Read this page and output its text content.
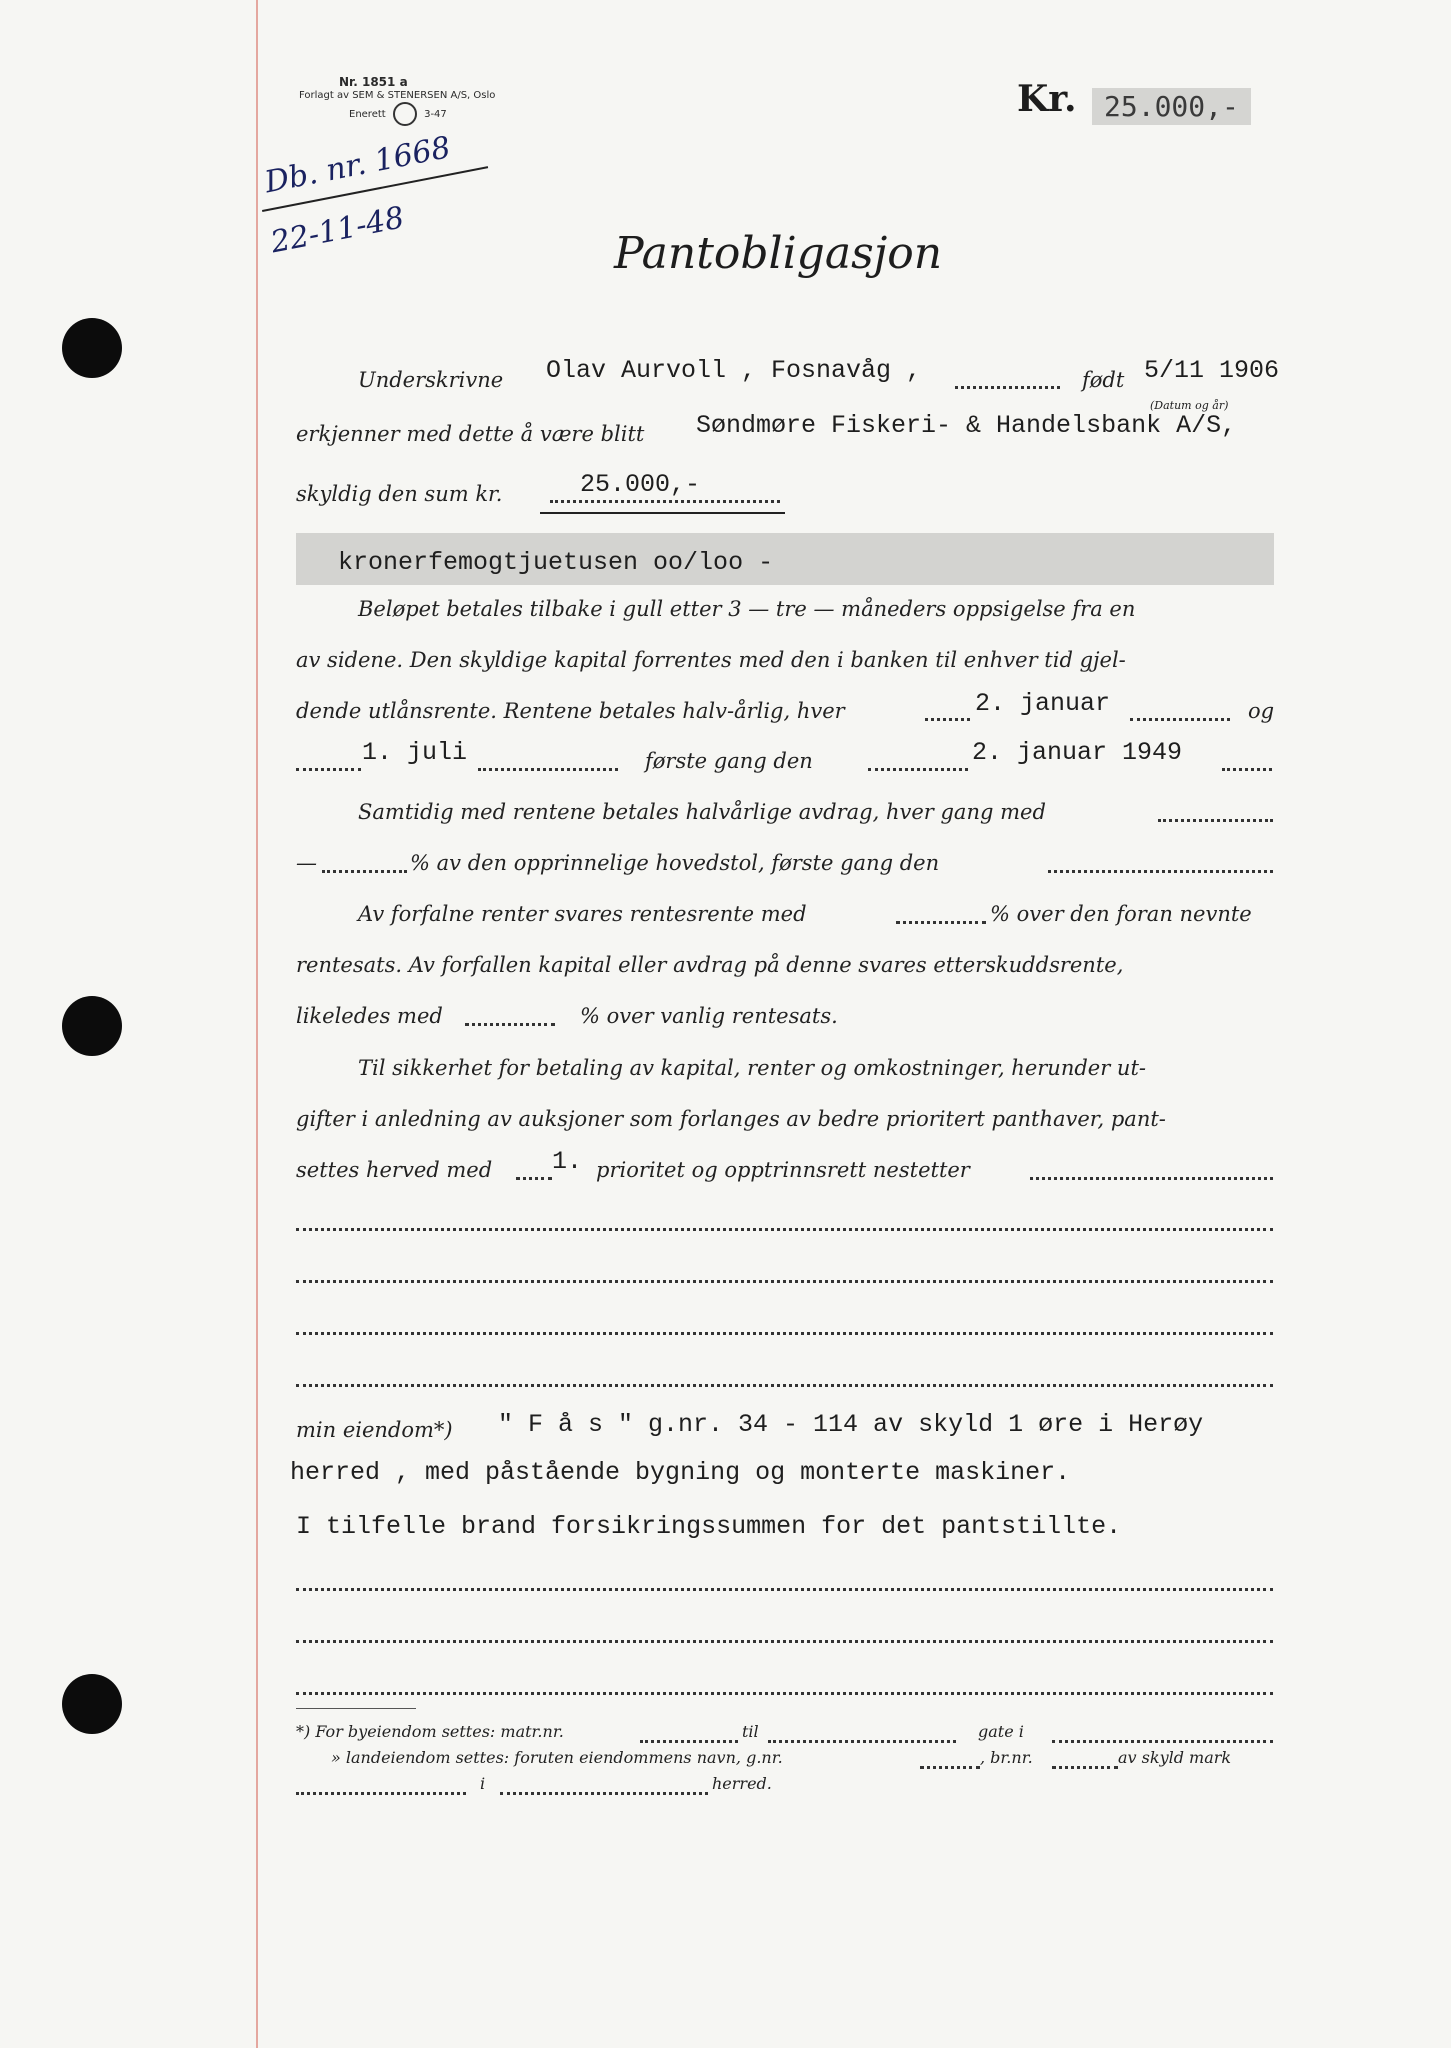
Nr. 1851 a
Forlagt av SEM & STENERSEN A/S, Oslo
Enerett	3-47	Kr. 25.000,-
Db. nr. 1668
22-11-48	Pantobligasjon
Underskrivne Olav Aurvoll , Fosnavåg ,	født 5/11 1906
(Datum og år)
erkjenner med dette å være blitt Søndmøre Fiskeri- & Handelsbank A/S,
skyldig den sum kr.	25.000,-
kronerfemogtjuetusen oo/loo -
Beløpet betales tilbake i gull etter 3 — tre — måneders oppsigelse fra en
av sidene. Den skyldige kapital forrentes med den i banken til enhver tid gjel-
dende utlånsrente. Rentene betales halv-årlig, hver	2. januar	og
1. juli	første gang den	2. januar 1949
Samtidig med rentene betales halvårlige avdrag, hver gang med
—	% av den opprinnelige hovedstol, første gang den
Av forfalne renter svares rentesrente med	% over den foran nevnte
rentesats. Av forfallen kapital eller avdrag på denne svares etterskuddsrente,
likeledes med	% over vanlig rentesats.
Til sikkerhet for betaling av kapital, renter og omkostninger, herunder ut-
gifter i anledning av auksjoner som forlanges av bedre prioritert panthaver, pant-
settes herved med 1. prioritet og opptrinnsrett nestetter
min eiendom*) " F å s " g.nr. 34 - 114 av skyld 1 øre i Herøy
herred , med påstående bygning og monterte maskiner.
I tilfelle brand forsikringssummen for det pantstillte.
*) For byeiendom settes: matr.nr.	til	gate i
» landeiendom settes: foruten eiendommens navn, g.nr.	, br.nr.	av skyld mark
i	herred.
